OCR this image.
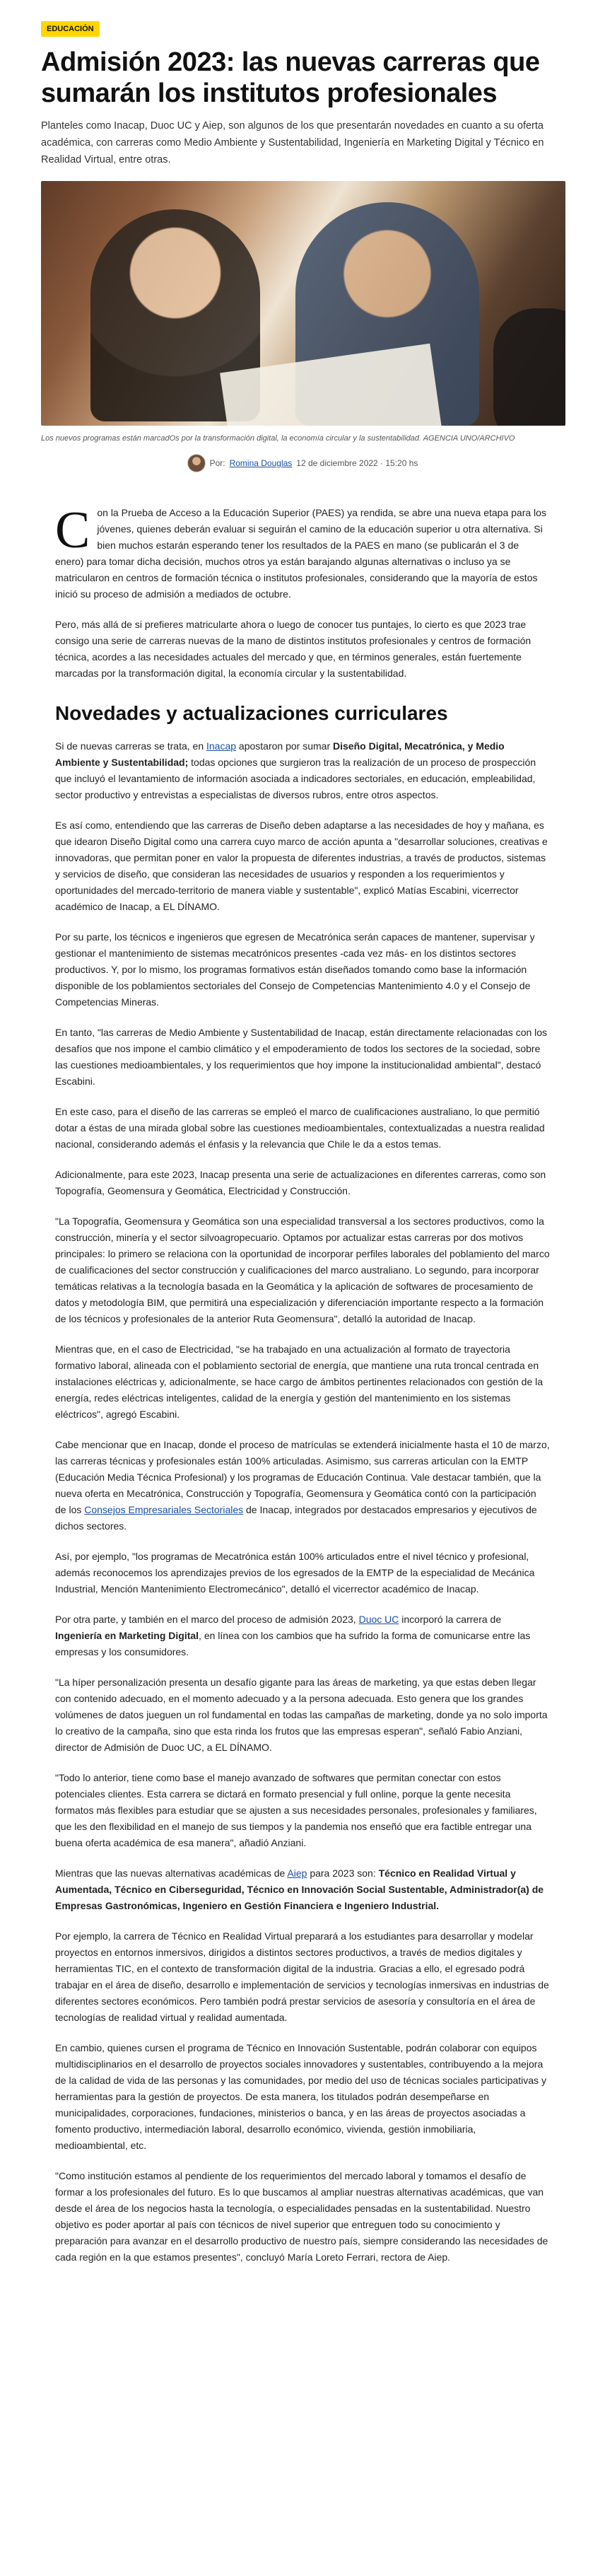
EDUCACIÓN
Admisión 2023: las nuevas carreras que sumarán los institutos profesionales

Planteles como Inacap, Duoc UC y Aiep, son algunos de los que presentarán novedades en cuanto a su oferta académica, con carreras como Medio Ambiente y Sustentabilidad, Ingeniería en Marketing Digital y Técnico en Realidad Virtual, entre otras.

Los nuevos programas están marcadOs por la transformación digital, la economía circular y la sustentabilidad. AGENCIA UNO/ARCHIVO
Por: Romina Douglas 12 de diciembre 2022 · 15:20 hs

Con la Prueba de Acceso a la Educación Superior (PAES) ya rendida, se abre una nueva etapa para los jóvenes, quienes deberán evaluar si seguirán el camino de la educación superior u otra alternativa. Si bien muchos estarán esperando tener los resultados de la PAES en mano (se publicarán el 3 de enero) para tomar dicha decisión, muchos otros ya están barajando algunas alternativas o incluso ya se matricularon en centros de formación técnica o institutos profesionales, considerando que la mayoría de estos inició su proceso de admisión a mediados de octubre.

Pero, más allá de si prefieres matricularte ahora o luego de conocer tus puntajes, lo cierto es que 2023 trae consigo una serie de carreras nuevas de la mano de distintos institutos profesionales y centros de formación técnica, acordes a las necesidades actuales del mercado y que, en términos generales, están fuertemente marcadas por la transformación digital, la economía circular y la sustentabilidad.

Novedades y actualizaciones curriculares

Si de nuevas carreras se trata, en Inacap apostaron por sumar Diseño Digital, Mecatrónica, y Medio Ambiente y Sustentabilidad; todas opciones que surgieron tras la realización de un proceso de prospección que incluyó el levantamiento de información asociada a indicadores sectoriales, en educación, empleabilidad, sector productivo y entrevistas a especialistas de diversos rubros, entre otros aspectos.

Es así como, entendiendo que las carreras de Diseño deben adaptarse a las necesidades de hoy y mañana, es que idearon Diseño Digital como una carrera cuyo marco de acción apunta a "desarrollar soluciones, creativas e innovadoras, que permitan poner en valor la propuesta de diferentes industrias, a través de productos, sistemas y servicios de diseño, que consideran las necesidades de usuarios y responden a los requerimientos y oportunidades del mercado-territorio de manera viable y sustentable", explicó Matías Escabini, vicerrector académico de Inacap, a EL DÍNAMO.

Por su parte, los técnicos e ingenieros que egresen de Mecatrónica serán capaces de mantener, supervisar y gestionar el mantenimiento de sistemas mecatrónicos presentes -cada vez más- en los distintos sectores productivos. Y, por lo mismo, los programas formativos están diseñados tomando como base la información disponible de los poblamientos sectoriales del Consejo de Competencias Mantenimiento 4.0 y el Consejo de Competencias Mineras.

En tanto, "las carreras de Medio Ambiente y Sustentabilidad de Inacap, están directamente relacionadas con los desafíos que nos impone el cambio climático y el empoderamiento de todos los sectores de la sociedad, sobre las cuestiones medioambientales, y los requerimientos que hoy impone la institucionalidad ambiental", destacó Escabini.

En este caso, para el diseño de las carreras se empleó el marco de cualificaciones australiano, lo que permitió dotar a éstas de una mirada global sobre las cuestiones medioambientales, contextualizadas a nuestra realidad nacional, considerando además el énfasis y la relevancia que Chile le da a estos temas.

Adicionalmente, para este 2023, Inacap presenta una serie de actualizaciones en diferentes carreras, como son Topografía, Geomensura y Geomática, Electricidad y Construcción.

"La Topografía, Geomensura y Geomática son una especialidad transversal a los sectores productivos, como la construcción, minería y el sector silvoagropecuario. Optamos por actualizar estas carreras por dos motivos principales: lo primero se relaciona con la oportunidad de incorporar perfiles laborales del poblamiento del marco de cualificaciones del sector construcción y cualificaciones del marco australiano. Lo segundo, para incorporar temáticas relativas a la tecnología basada en la Geomática y la aplicación de softwares de procesamiento de datos y metodología BIM, que permitirá una especialización y diferenciación importante respecto a la formación de los técnicos y profesionales de la anterior Ruta Geomensura", detalló la autoridad de Inacap.

Mientras que, en el caso de Electricidad, "se ha trabajado en una actualización al formato de trayectoria formativo laboral, alineada con el poblamiento sectorial de energía, que mantiene una ruta troncal centrada en instalaciones eléctricas y, adicionalmente, se hace cargo de ámbitos pertinentes relacionados con gestión de la energía, redes eléctricas inteligentes, calidad de la energía y gestión del mantenimiento en los sistemas eléctricos", agregó Escabini.

Cabe mencionar que en Inacap, donde el proceso de matrículas se extenderá inicialmente hasta el 10 de marzo, las carreras técnicas y profesionales están 100% articuladas. Asimismo, sus carreras articulan con la EMTP (Educación Media Técnica Profesional) y los programas de Educación Continua. Vale destacar también, que la nueva oferta en Mecatrónica, Construcción y Topografía, Geomensura y Geomática contó con la participación de los Consejos Empresariales Sectoriales de Inacap, integrados por destacados empresarios y ejecutivos de dichos sectores.

Así, por ejemplo, "los programas de Mecatrónica están 100% articulados entre el nivel técnico y profesional, además reconocemos los aprendizajes previos de los egresados de la EMTP de la especialidad de Mecánica Industrial, Mención Mantenimiento Electromecánico", detalló el vicerrector académico de Inacap.

Por otra parte, y también en el marco del proceso de admisión 2023, Duoc UC incorporó la carrera de Ingeniería en Marketing Digital, en línea con los cambios que ha sufrido la forma de comunicarse entre las empresas y los consumidores.

"La híper personalización presenta un desafío gigante para las áreas de marketing, ya que estas deben llegar con contenido adecuado, en el momento adecuado y a la persona adecuada. Esto genera que los grandes volúmenes de datos jueguen un rol fundamental en todas las campañas de marketing, donde ya no solo importa lo creativo de la campaña, sino que esta rinda los frutos que las empresas esperan", señaló Fabio Anziani, director de Admisión de Duoc UC, a EL DÍNAMO.

"Todo lo anterior, tiene como base el manejo avanzado de softwares que permitan conectar con estos potenciales clientes. Esta carrera se dictará en formato presencial y full online, porque la gente necesita formatos más flexibles para estudiar que se ajusten a sus necesidades personales, profesionales y familiares, que les den flexibilidad en el manejo de sus tiempos y la pandemia nos enseñó que era factible entregar una buena oferta académica de esa manera", añadió Anziani.

Mientras que las nuevas alternativas académicas de Aiep para 2023 son: Técnico en Realidad Virtual y Aumentada, Técnico en Ciberseguridad, Técnico en Innovación Social Sustentable, Administrador(a) de Empresas Gastronómicas, Ingeniero en Gestión Financiera e Ingeniero Industrial.

Por ejemplo, la carrera de Técnico en Realidad Virtual preparará a los estudiantes para desarrollar y modelar proyectos en entornos inmersivos, dirigidos a distintos sectores productivos, a través de medios digitales y herramientas TIC, en el contexto de transformación digital de la industria. Gracias a ello, el egresado podrá trabajar en el área de diseño, desarrollo e implementación de servicios y tecnologías inmersivas en industrias de diferentes sectores económicos. Pero también podrá prestar servicios de asesoría y consultoría en el área de tecnologías de realidad virtual y realidad aumentada.

En cambio, quienes cursen el programa de Técnico en Innovación Sustentable, podrán colaborar con equipos multidisciplinarios en el desarrollo de proyectos sociales innovadores y sustentables, contribuyendo a la mejora de la calidad de vida de las personas y las comunidades, por medio del uso de técnicas sociales participativas y herramientas para la gestión de proyectos. De esta manera, los titulados podrán desempeñarse en municipalidades, corporaciones, fundaciones, ministerios o banca, y en las áreas de proyectos asociadas a fomento productivo, intermediación laboral, desarrollo económico, vivienda, gestión inmobiliaria, medioambiental, etc.

"Como institución estamos al pendiente de los requerimientos del mercado laboral y tomamos el desafío de formar a los profesionales del futuro. Es lo que buscamos al ampliar nuestras alternativas académicas, que van desde el área de los negocios hasta la tecnología, o especialidades pensadas en la sustentabilidad. Nuestro objetivo es poder aportar al país con técnicos de nivel superior que entreguen todo su conocimiento y preparación para avanzar en el desarrollo productivo de nuestro país, siempre considerando las necesidades de cada región en la que estamos presentes", concluyó María Loreto Ferrari, rectora de Aiep.
